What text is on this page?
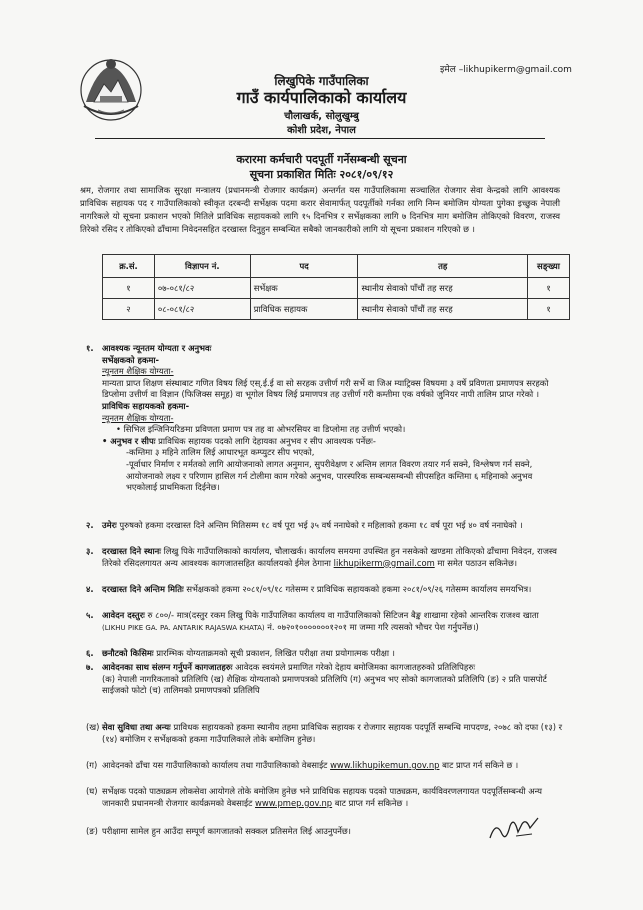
इमेल –likhupikerm@gmail.com
लिखुपिके गाउँपालिका
गाउँ कार्यपालिकाको कार्यालय
चौलाखर्क, सोलुखुम्बु
कोशी प्रदेश, नेपाल
करारमा कर्मचारी पदपूर्ती गर्नेसम्बन्धी सूचना
सूचना प्रकाशित मितिः २०८१/०९/१२
श्रम, रोजगार तथा सामाजिक सुरक्षा मन्त्रालय (प्रधानमन्त्री रोजगार कार्यक्रम) अन्तर्गत यस गाउँपालिकामा सञ्चालित रोजगार सेवा केन्द्रको लागि आवश्यक प्राविधिक सहायक पद र गाउँपालिकाको स्वीकृत दरबन्दी सर्भेक्षक पदमा करार सेवामार्फत् पदपूर्तीको गर्नका लागि निम्न बमोजिम योग्यता पुगेका इच्छुक नेपाली नागरिकले यो सूचना प्रकाशन भएको मितिले प्राविधिक सहायकको लागि १५ दिनभित्र र सर्भेक्षकका लागि ७ दिनभित्र माग बमोजिम तोकिएको विवरण, राजस्व तिरेको रसिद र तोकिएको ढाँचामा निवेदनसहित दरखास्त दिनुहुन सम्बन्धित सबैको जानकारीको लागि यो सूचना प्रकाशन गरिएको छ ।
क्र.सं.	विज्ञापन नं.	पद	तह	सङ्ख्या
१	०७-०८१/८२	सर्भेक्षक	स्थानीय सेवाको पाँचौं तह सरह	१
२	०८-०८१/८२	प्राविधिक सहायक	स्थानीय सेवाको पाँचौं तह सरह	१
१.	आवश्यक न्यूनतम योग्यता र अनुभवः
सर्भेक्षकको हकमा-
न्यूनतम शैक्षिक योग्यता-
मान्यता प्राप्त शिक्षण संस्थाबाट गणित विषय लिई एस्.ई.ई वा सो सरहक उत्तीर्ण गरी सर्भे वा जिअ म्याट्रिक्स विषयमा ३ वर्षे प्रविणता प्रमाणपत्र सरहको डिप्लोमा उत्तीर्ण वा विज्ञान (फिजिक्स समूह) वा भूगोल विषय लिई प्रमाणपत्र तह उत्तीर्ण गरी कम्तीमा एक वर्षको जुनियर नापी तालिम प्राप्त गरेको ।
प्राविधिक सहायकको हकमा-
न्यूनतम शैक्षिक योग्यता-
• सिभिल इन्जिनियरिङमा प्रविणता प्रमाण पत्र तह वा ओभरसियर वा डिप्लोमा तह उत्तीर्ण भएको।
• अनुभव र सीपः प्राविधिक सहायक पदको लागि देहायका अनुभव र सीप आवश्यक पर्नेछः-

-कम्तिमा ३ महिने तालिम लिई आधारभूत कम्प्युटर सीप भएको,
-पूर्वाधार निर्माण र मर्मतको लागि आयोजनाको लागत अनुमान, सुपरीवेक्षण र अन्तिम लागत विवरण तयार गर्न सक्ने, विश्लेषण गर्न सक्ने, आयोजनाको लक्ष्य र परिणाम हासिल गर्न टोलीमा काम गरेको अनुभव, पारस्परिक सम्बन्धसम्बन्धी सीपसहित कम्तिमा ६ महिनाको अनुभव भएकोलाई प्राथमिकता दिईनेछ।
२.	उमेरः पुरुषको हकमा दरखास्त दिने अन्तिम मितिसम्म १८ वर्ष पूरा भई ३५ वर्ष ननाघेको र महिलाको हकमा १८ वर्ष पूरा भई ४० वर्ष ननाघेको ।
३.	दरखास्त दिने स्थानः लिखु पिके गाउँपालिकाको कार्यालय, चौलाखर्क। कार्यालय समयमा उपस्थित हुन नसकेको खण्डमा तोकिएको ढाँचामा निवेदन, राजस्व तिरेको रसिदलगायत अन्य आवश्यक कागजातसहित कार्यालयको ईमेल ठेगाना likhupikerm@gmail.com मा समेत पठाउन सकिनेछ।
४.	दरखास्त दिने अन्तिम मितिः सर्भेक्षकको हकमा २०८१/०९/१८ गतेसम्म र प्राविधिक सहायकको हकमा २०८१/०९/२६ गतेसम्म कार्यालय समयभित्र।
५.	आवेदन दस्तुरः रु ८००/- मात्र(दस्तुर रकम लिखु पिके गाउँपालिका कार्यालय वा गाउँपालिकाको सिटिजन बैङ्क शाखामा रहेको आन्तरिक राजश्व खाता (LIKHU PIKE GA. PA. ANTARIK RAJASWA KHATA) नं. ०७२०१०००००००१२०१ मा जम्मा गरि त्यसको भौचर पेश गर्नुपर्नेछ।)
६.	छनौटको किसिमः प्रारम्भिक योग्यताक्रमको सूची प्रकाशन, लिखित परीक्षा तथा प्रयोगात्मक परीक्षा ।
७.	आवेदनका साथ संलग्न गर्नुपर्ने कागजातहरुः आवेदक स्वयंमले प्रमाणित गरेको देहाय बमोजिमका कागजातहरुको प्रतिलिपिहरुः
(क) नेपाली नागरिकताको प्रतिलिपि (ख) शैक्षिक योग्यताको प्रमाणपत्रको प्रतिलिपि (ग) अनुभव भए सोको कागजातको प्रतिलिपि (ङ) २ प्रति पासपोर्ट साईजको फोटो (च) तालिमको प्रमाणपत्रको प्रतिलिपि
(ख) सेवा सुविधा तथा अन्यः प्राविधक सहायकको हकमा स्थानीय तहमा प्राविधिक सहायक र रोजगार सहायक पदपूर्ति सम्बन्धि मापदण्ड, २०७८ को दफा (१३) र (१४) बमोजिम र सर्भेक्षकको हकमा गाउँपालिकाले तोके बमोजिम हुनेछ।
(ग) आवेदनको ढाँचा यस गाउँपालिकाको कार्यालय तथा गाउँपालिकाको वेबसाईट www.likhupikemun.gov.np बाट प्राप्त गर्न सकिने छ ।
(घ) सर्भेक्षक पदको पाठ्यक्रम लोकसेवा आयोगले तोके बमोजिम हुनेछ भने प्राविधिक सहायक पदको पाठ्यक्रम, कार्यविवरणलगायत पदपूर्तिसम्बन्धी अन्य जानकारी प्रधानमन्त्री रोजगार कार्यक्रमको वेबसाईट www.pmep.gov.np बाट प्राप्त गर्न सकिनेछ ।
(ङ) परीक्षामा सामेल हुन आउँदा सम्पूर्ण कागजातको सक्कल प्रतिसमेत लिई आउनुपर्नेछ।
